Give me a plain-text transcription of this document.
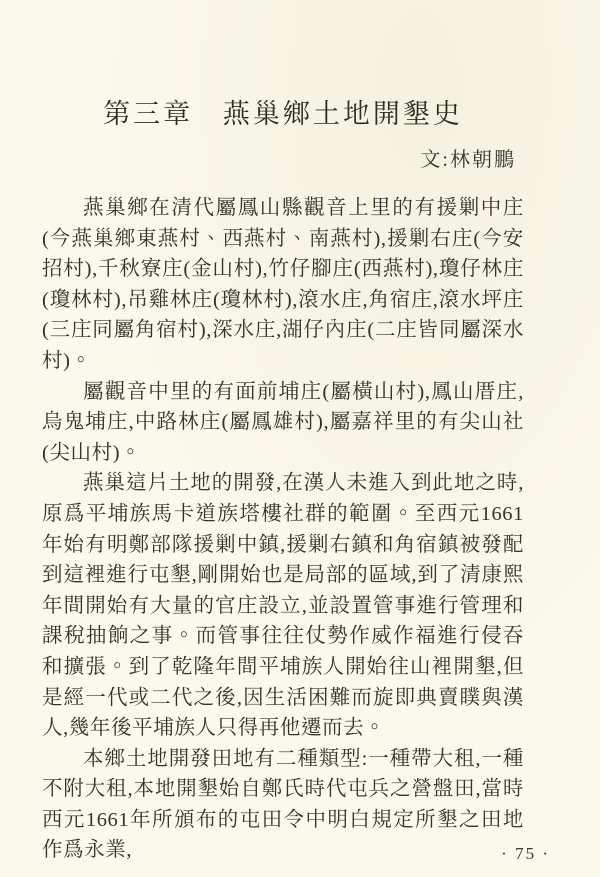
第三章 燕巢鄉土地開墾史
文:林朝鵬

燕巢鄉在清代屬鳳山縣觀音上里的有援剿中庄(今燕巢鄉東燕村、西燕村、南燕村),援剿右庄(今安招村),千秋寮庄(金山村),竹仔腳庄(西燕村),瓊仔林庄(瓊林村),吊雞林庄(瓊林村),滾水庄,角宿庄,滾水坪庄(三庄同屬角宿村),深水庄,湖仔內庄(二庄皆同屬深水村)。

屬觀音中里的有面前埔庄(屬橫山村),鳳山厝庄,烏鬼埔庄,中路林庄(屬鳳雄村),屬嘉祥里的有尖山社(尖山村)。

燕巢這片土地的開發,在漢人未進入到此地之時,原爲平埔族馬卡道族塔樓社群的範圍。至西元1661年始有明鄭部隊援剿中鎮,援剿右鎮和角宿鎮被發配到這裡進行屯墾,剛開始也是局部的區域,到了清康熙年間開始有大量的官庄設立,並設置管事進行管理和課稅抽餉之事。而管事往往仗勢作威作福進行侵吞和擴張。到了乾隆年間平埔族人開始往山裡開墾,但是經一代或二代之後,因生活困難而旋即典賣瞨與漢人,幾年後平埔族人只得再他遷而去。

本鄉土地開發田地有二種類型:一種帶大租,一種不附大租,本地開墾始自鄭氏時代屯兵之營盤田,當時西元1661年所頒布的屯田令中明白規定所墾之田地作爲永業,	· 75 ·
